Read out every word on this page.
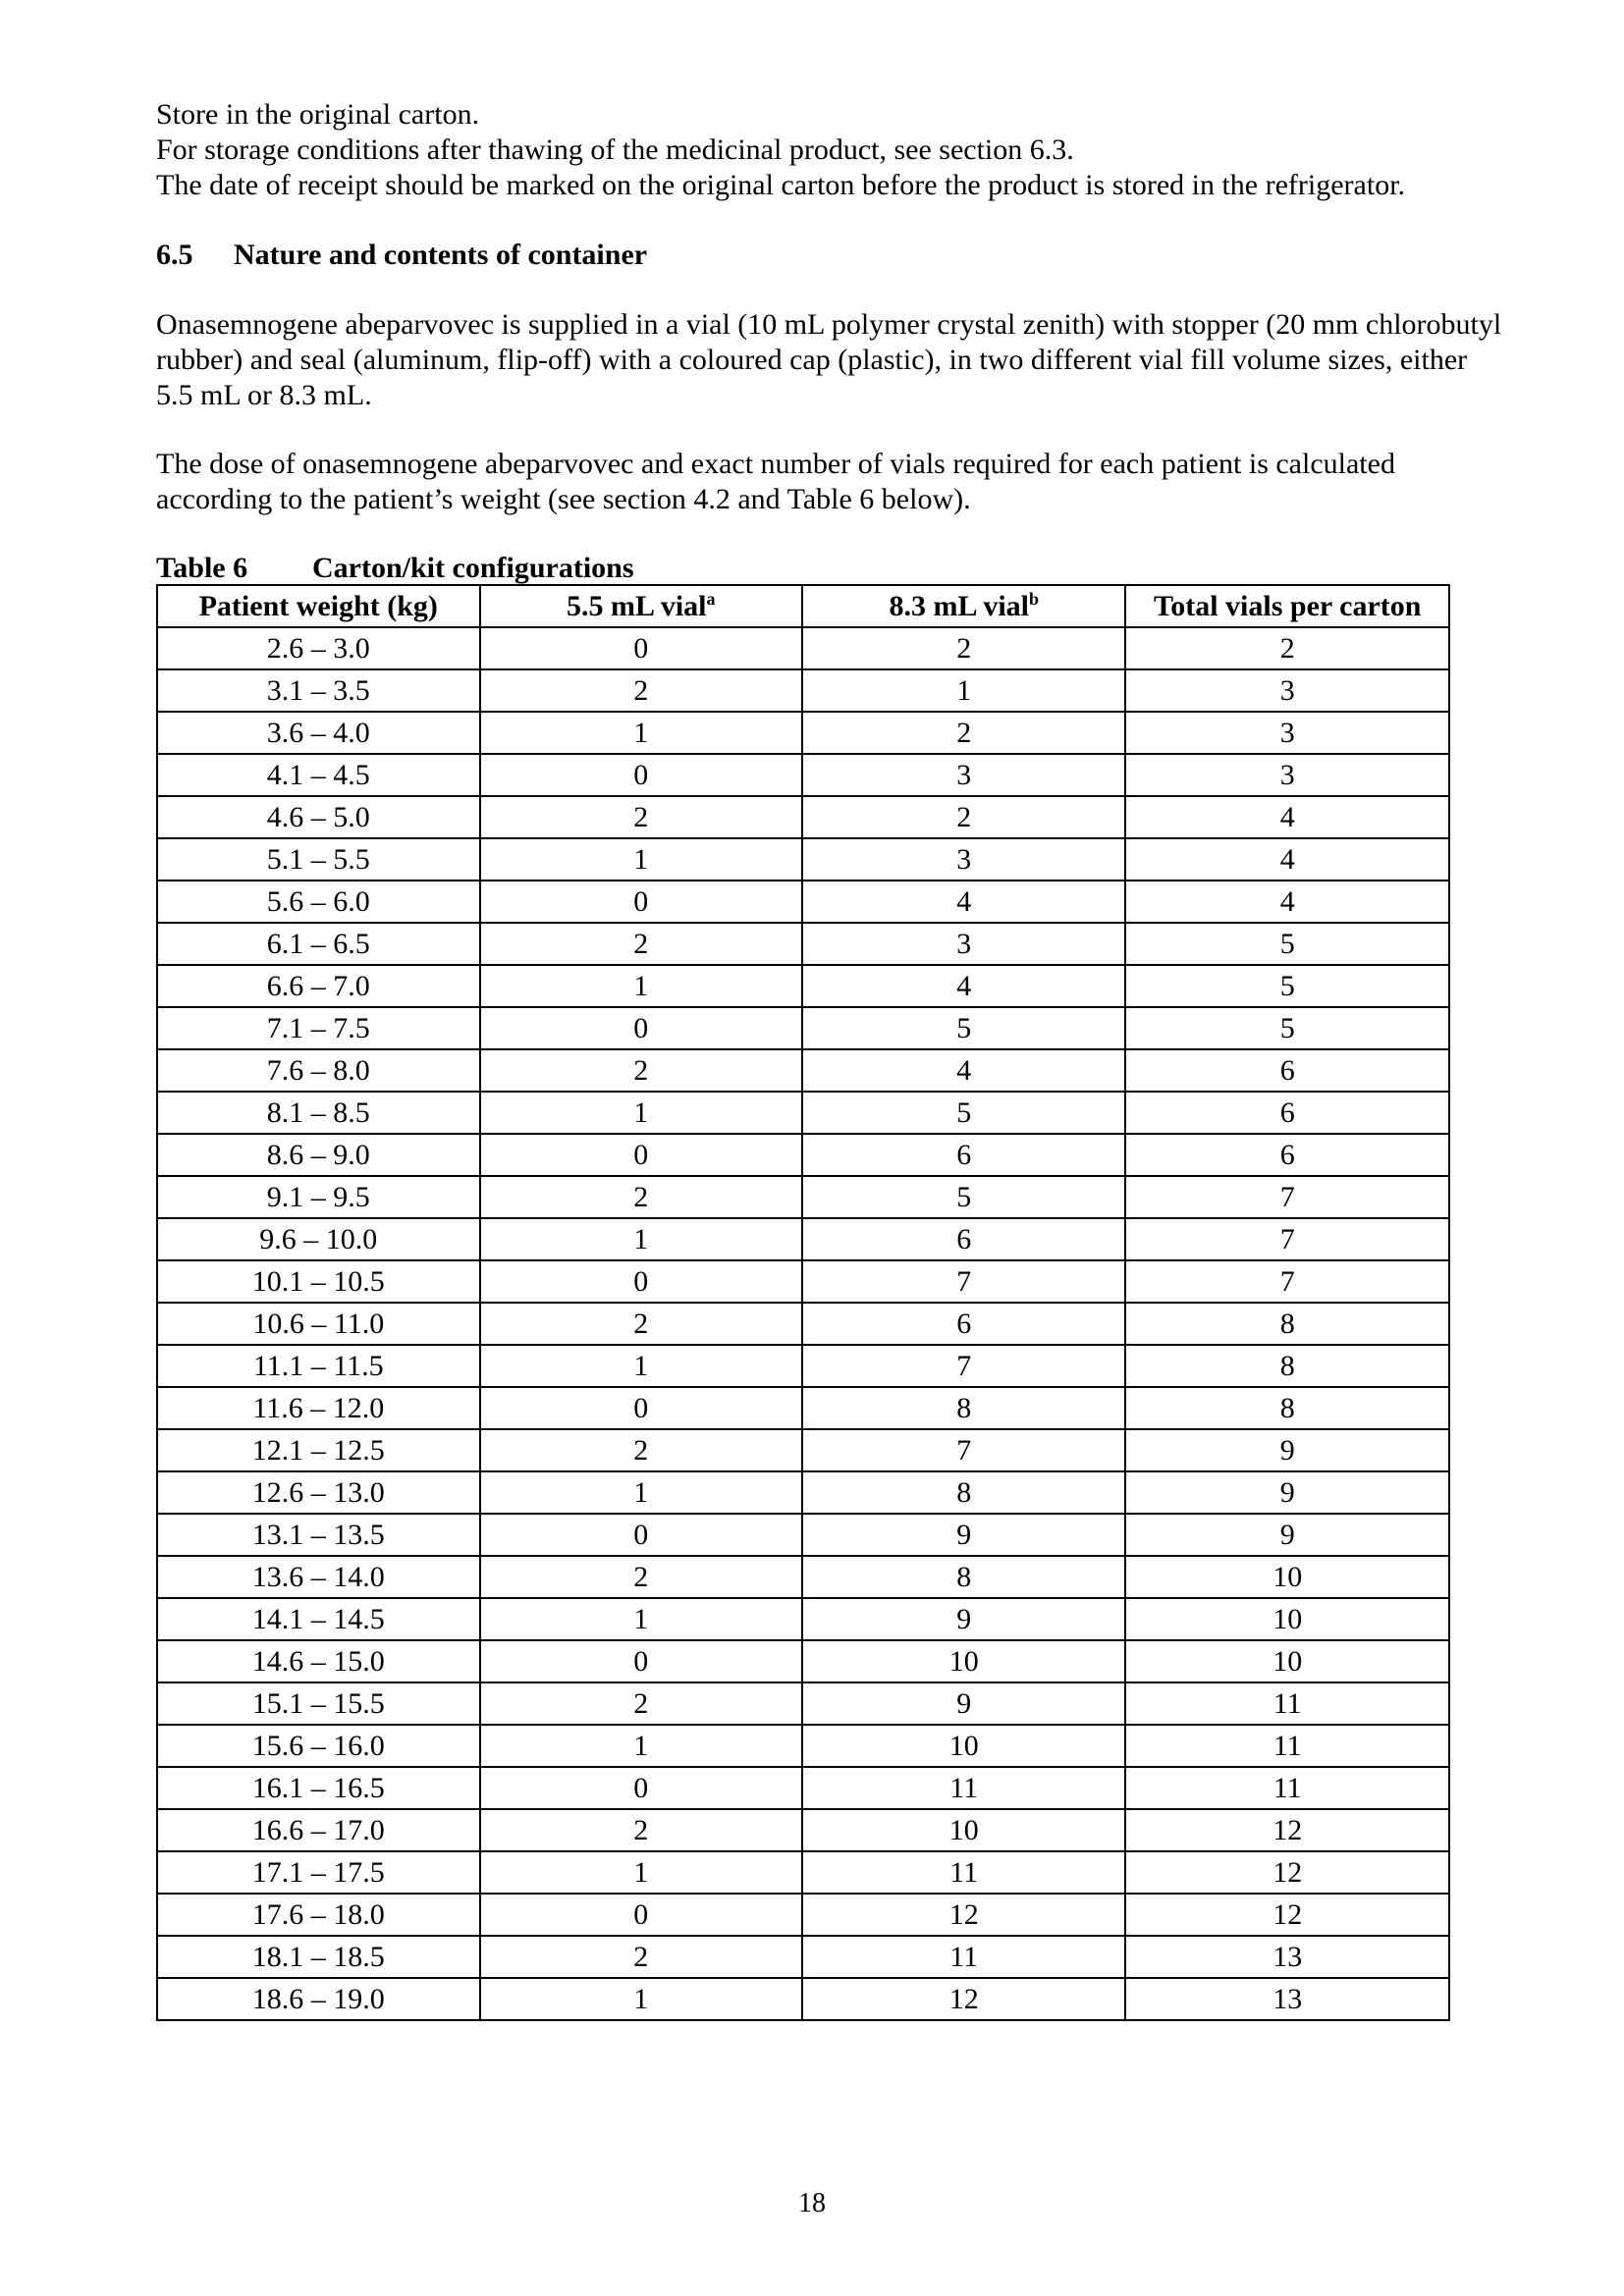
Store in the original carton.
For storage conditions after thawing of the medicinal product, see section 6.3.
The date of receipt should be marked on the original carton before the product is stored in the refrigerator.
6.5 Nature and contents of container
Onasemnogene abeparvovec is supplied in a vial (10 mL polymer crystal zenith) with stopper (20 mm chlorobutyl
rubber) and seal (aluminum, flip-off) with a coloured cap (plastic), in two different vial fill volume sizes, either
5.5 mL or 8.3 mL.
The dose of onasemnogene abeparvovec and exact number of vials required for each patient is calculated
according to the patient’s weight (see section 4.2 and Table 6 below).
Table 6 Carton/kit configurations
Patient weight (kg)	5.5 mL vial$^a$	8.3 mL vial$^b$	Total vials per carton
2.6 – 3.0	0	2	2
3.1 – 3.5	2	1	3
3.6 – 4.0	1	2	3
4.1 – 4.5	0	3	3
4.6 – 5.0	2	2	4
5.1 – 5.5	1	3	4
5.6 – 6.0	0	4	4
6.1 – 6.5	2	3	5
6.6 – 7.0	1	4	5
7.1 – 7.5	0	5	5
7.6 – 8.0	2	4	6
8.1 – 8.5	1	5	6
8.6 – 9.0	0	6	6
9.1 – 9.5	2	5	7
9.6 – 10.0	1	6	7
10.1 – 10.5	0	7	7
10.6 – 11.0	2	6	8
11.1 – 11.5	1	7	8
11.6 – 12.0	0	8	8
12.1 – 12.5	2	7	9
12.6 – 13.0	1	8	9
13.1 – 13.5	0	9	9
13.6 – 14.0	2	8	10
14.1 – 14.5	1	9	10
14.6 – 15.0	0	10	10
15.1 – 15.5	2	9	11
15.6 – 16.0	1	10	11
16.1 – 16.5	0	11	11
16.6 – 17.0	2	10	12
17.1 – 17.5	1	11	12
17.6 – 18.0	0	12	12
18.1 – 18.5	2	11	13
18.6 – 19.0	1	12	13
18
